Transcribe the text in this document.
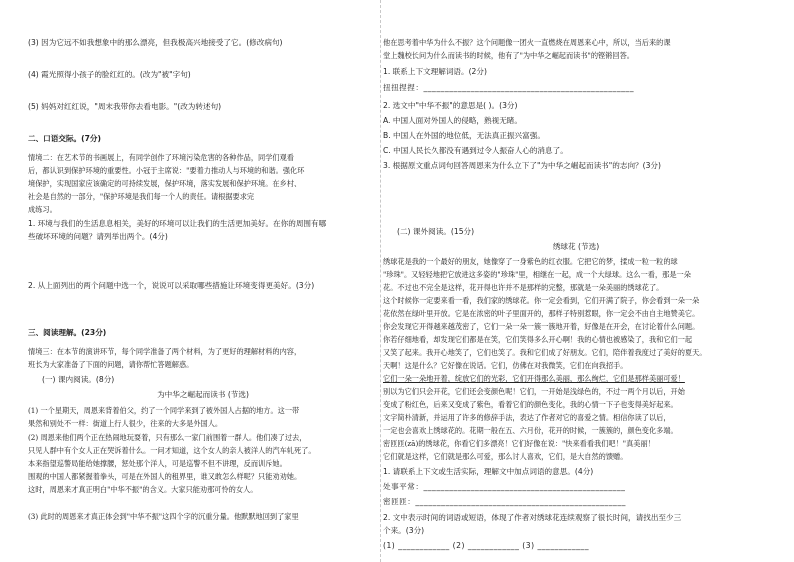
(3) 因为它远不如我想象中的那么漂亮，但我极高兴地接受了它。(修改病句)
(4) 霞光照得小孩子的脸红红的。(改为"被"字句)
(5) 妈妈对红红说，"周末我带你去看电影。"(改为转述句)
二、口语交际。(7分)
情境二：在艺术节的书画展上，有同学创作了环境污染危害的各种作品，同学们观看
后，都认识到保护环境的重要性。小冠于主席说："要着力推动人与环境的和谐。强化环
境保护，实现国家应该确定的可持续发展，保护环境，落实发展和保护环境。在乡村、
社会是自然的一部分，"保护环境是我们每一个人的责任。请根据要求完
成练习。
1. 环境与我们的生活息息相关，美好的环境可以让我们的生活更加美好。在你的周围有哪
些破坏环境的问题？请列举出两个。(4分)
2. 从上面列出的两个问题中选一个，说说可以采取哪些措施让环境变得更美好。(3分)
三、阅读理解。(23分)
情境三：在本节的演讲环节，每个同学准备了两个材料，为了更好的理解材料的内容，
班长为大家准备了下面的问题，请你帮忙答题解惑。
(一) 课内阅读。(8分)
为中华之崛起而读书 (节选)
(1) 一个星期天，周恩来背着伯父，约了一个同学来到了被外国人占据的地方。这一带
果然和别处不一样：街道上行人很少，往来的大多是外国人。
(2) 周恩来他们两个正在热闹地玩耍着，只有那么一家门前围着一群人。他们凑了过去，
只见人群中有个女人正在哭诉着什么。一问才知道，这个女人的亲人被洋人的汽车轧死了。
本来指望巡警局能给她撑腰，惩处那个洋人，可是巡警不但不讲理，反而训斥她。
围观的中国人都紧握着拳头，可是在外国人的租界里，谁又敢怎么样呢？只能劝劝她。
这时，周恩来才真正明白"中华不振"的含义。大家只能劝那可怜的女人。
(3) 此时的周恩来才真正体会到"中华不振"这四个字的沉重分量。他默默地回到了家里
他在思考着中华为什么不振？这个问题像一团火一直燃烧在周恩来心中，所以，当后来的课
堂上魏校长问为什么而读书的时候，他有了"为中华之崛起而读书"的铿锵回答。
1. 联系上下文理解词语。(2分)
扭扭捏捏：_________________________________________________
2. 选文中"中华不振"的意思是( )。(3分)
A. 中国人面对外国人的侵略，熟视无睹。
B. 中国人在外国的地位低，无法真正振兴富强。
C. 中国人民长久都没有遇到过令人振奋人心的消息了。
3. 根据原文重点词句回答周恩来为什么立下了"为中华之崛起而读书"的志向？(3分)
(二) 课外阅读。(15分)
绣球花 (节选)
绣球花是我的一个最好的朋友，她像穿了一身紫色的红衣服。它把它的梦，揉成一粒一粒的球
"珍珠"。又轻轻地把它放进这多姿的"珍珠"里，相继在一起，成一个大绿球。这么一看，那是一朵
花。不过也不完全是这样，花开得也许并不是那样的完整，那就是一朵美丽的绣球花了。
这个时候你一定要来看一看，我们家的绣球花。你一定会看到，它们开满了院子，你会看到一朵一朵
花依然在绿叶里开放。它是在浓密的叶子里面开的，那样子特别惹眼，你一定会不由自主地赞美它。
你会发现它开得越来越茂密了，它们一朵一朵一簇一簇地开着，好像是在开会，在讨论着什么问题。
你若仔细地看，却发现它们都是在笑，它们笑得多么开心啊！我的心情也被感染了，我和它们一起
又笑了起来。我开心地笑了，它们也笑了。我和它们成了好朋友。它们，陪伴着我度过了美好的夏天。
天啊！这是什么？它好像在说话。它们，仿佛在对我微笑，它们在向我招手。
它们一朵一朵地开着，绽放它们的光彩，它们开得那么美丽，那么绚烂，它们是那样美丽可爱！
别以为它们只会开花，它们还会变颜色呢！它们，一开始是浅绿色的，不过一两个月以后，开始
变成了粉红色，后来又变成了紫色，看着它们的颜色变化，我的心情一下子也变得美好起来。
文字简朴清新，并运用了许多的修辞手法，表达了作者对它的喜爱之情。相信你读了以后，
一定也会喜欢上绣球花的。花期一般在五、六月份，花开的时候，一簇簇的，颜色变化多端。
密匝匝(zā)的绣球花，你看它们多漂亮！它们好像在说："快来看看我们吧！"真美丽！
它们就是这样，它们就是那么可爱，那么讨人喜欢，它们，是大自然的馈赠。
1. 请联系上下文或生活实际，理解文中加点词语的意思。(4分)
处事平常：_______________________________________________
密匝匝：_________________________________________________
2. 文中表示时间的词语或短语，体现了作者对绣球花连续观察了很长时间，请找出至少三
个来。(3分)
(1) ____________ (2) ____________ (3) ____________
